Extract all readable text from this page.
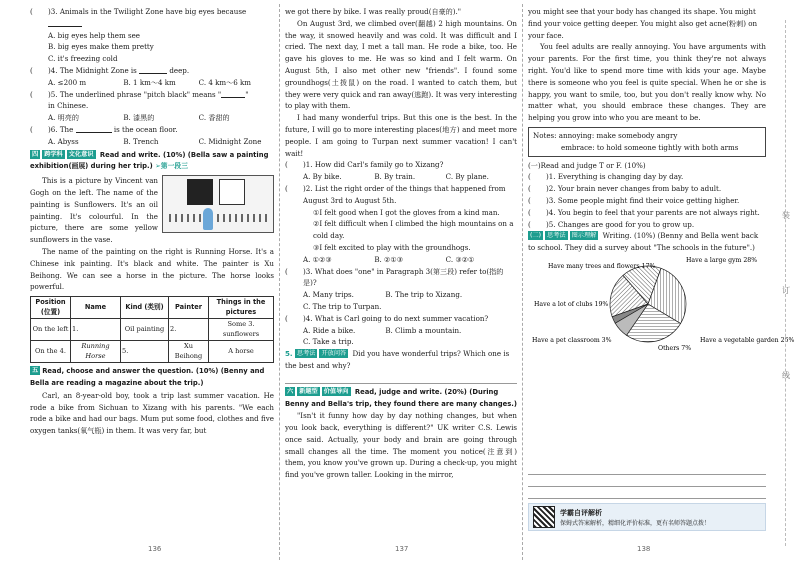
(	)3. Animals in the Twilight Zone have big eyes because
A. big eyes help them see
B. big eyes make them pretty
C. it's freezing cold
(	)4. The Midnight Zone is	deep.
A. ≤200 m	B. 1 km～4 km	C. 4 km～6 km
(	)5. The underlined phrase "pitch black" means "	"
in Chinese.
A. 明亮的	B. 漆黑的	C. 香甜的
(	)6. The	is the ocean floor.
A. Abyss	B. Trench	C. Midnight Zone
四 跨学科 文化意识 Read and write. (10%) (Bella saw a painting exhibition(画展) during her trip.) ➢第一段三

This is a picture by Vincent van Gogh on the left. The name of the painting is Sunflowers. It's an oil painting. It's colourful. In the picture, there are some yellow sunflowers in the vase.

The name of the painting on the right is Running Horse. It's a Chinese ink painting. It's black and white. The painter is Xu Beihong. We can see a horse in the picture. The horse looks powerful.

Position (位置)	Name	Kind (类别)	Painter	Things in the pictures
On the left	1.	Oil painting	2.	Some 3. sunflowers
On the 4.	Running Horse	5.	Xu Beihong	A horse
五 Read, choose and answer the question. (10%) (Benny and Bella are reading a magazine about the trip.)

Carl, an 8-year-old boy, took a trip last summer vacation. He rode a bike from Sichuan to Xizang with his parents. "We each rode a bike and had our bags. Mum put some food, clothes and five oxygen tanks(氧气瓶) in them. It was very far, but

we got there by bike. I was really proud(自豪的)."

On August 3rd, we climbed over(翻越) 2 high mountains. On the way, it snowed heavily and was cold. It was difficult and I cried. The next day, I met a tall man. He rode a bike, too. He gave his gloves to me. He was so kind and I felt warm. On August 5th, I also met other new "friends". I found some groundhogs(土拨鼠) on the road. I wanted to catch them, but they were very quick and ran away(逃跑). It was very interesting to play with them.

I had many wonderful trips. But this one is the best. In the future, I will go to more interesting places(地方) and meet more people. I am going to Turpan next summer vacation! I can't wait!

(	)1. How did Carl's family go to Xizang?
A. By bike.	B. By train.	C. By plane.
(	)2. List the right order of the things that happened from August 3rd to August 5th.
①I felt good when I got the gloves from a kind man.
②I felt difficult when I climbed the high mountains on a cold day.
③I felt excited to play with the groundhogs.
A. ①②③	B. ②①③	C. ③②①
(	)3. What does "one" in Paragraph 3(第三段) refer to(指的是)?
A. Many trips.	B. The trip to Xizang.
C. The trip to Turpan.
(	)4. What is Carl going to do next summer vacation?
A. Ride a bike.	B. Climb a mountain.
C. Take a trip.
5. 思考法 开放问答 Did you have wonderful trips? Which one is the best and why?
六 新题型 价值导向 Read, judge and write. (20%) (During Benny and Bella's trip, they found there are many changes.)

"Isn't it funny how day by day nothing changes, but when you look back, everything is different?" UK writer C.S. Lewis once said. Actually, your body and brain are going through small changes all the time. The moment you notice(注意到) them, you know you've grown up. During a check-up, you might find you've grown taller. Looking in the mirror,

you might see that your body has changed its shape. You might find your voice getting deeper. You might also get acne(粉刺) on your face.

You feel adults are really annoying. You have arguments with your parents. For the first time, you think they're not always right. You'd like to spend more time with kids your age. Maybe there is someone who you feel is quite special. When he or she is happy, you want to smile, too, but you don't really know why. No matter what, you should embrace these changes. They are helping you grow into who you are meant to be.

Notes: annoying: make somebody angry
embrace: to hold someone tightly with both arms
(一)Read and judge T or F. (10%)
(	)1. Everything is changing day by day.
(	)2. Your brain never changes from baby to adult.
(	)3. Some people might find their voice getting higher.
(	)4. You begin to feel that your parents are not always right.
(	)5. Changes are good for you to grow up.
(二) 思考法 图示理解 Writing. (10%) (Benny and Bella went back to school. They did a survey about "The schools in the future".)
Have a large gym 28%
Have a vegetable garden 26%
Others 7%
Have a pet classroom 3%
Have a lot of clubs 19%
Have many trees and flowers 17%
136	137	138
装
订
线
学霸自评解析
保姆式答案解析，精细化评价标准，更有名师答题点拨！
